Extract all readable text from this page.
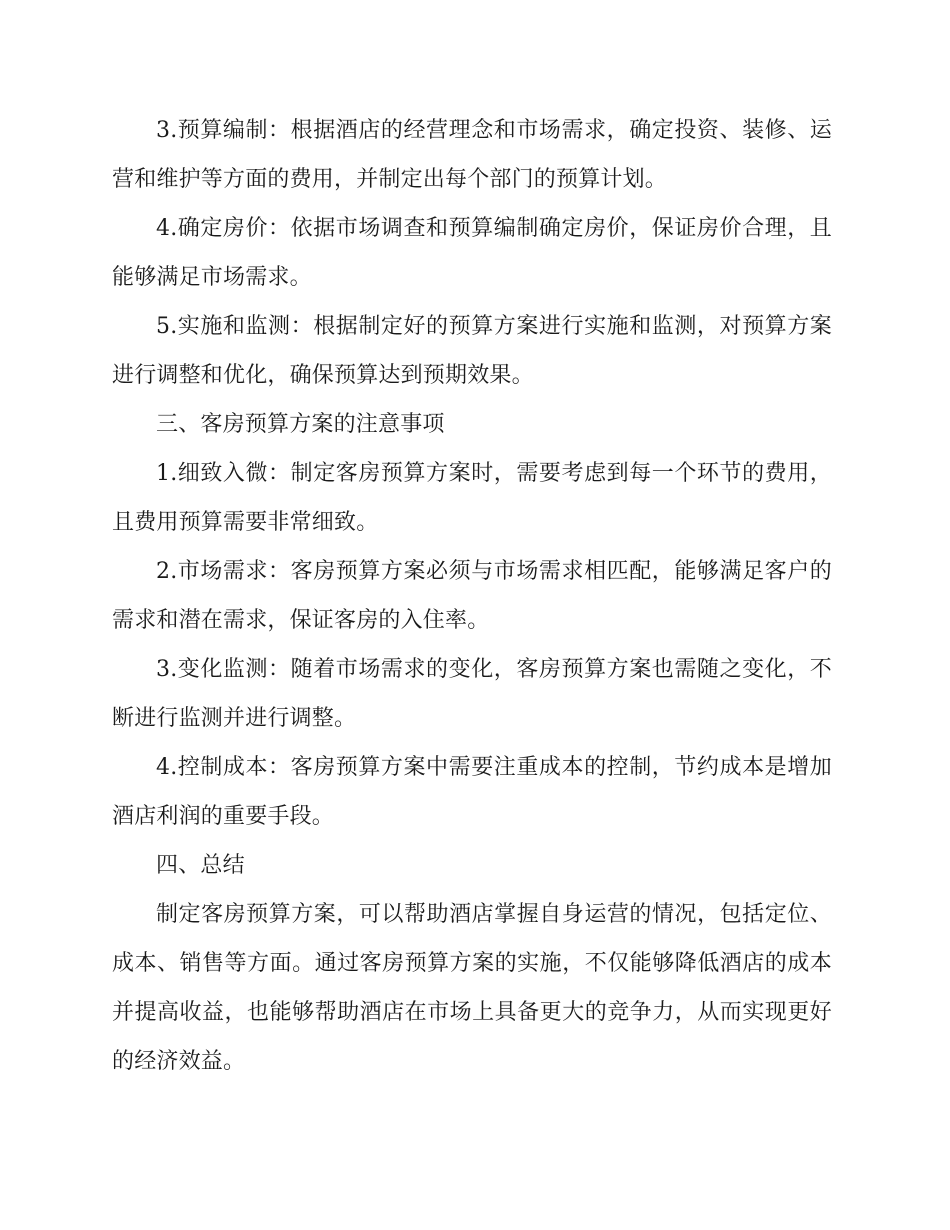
3.预算编制：根据酒店的经营理念和市场需求，确定投资、装修、运营和维护等方面的费用，并制定出每个部门的预算计划。

4.确定房价：依据市场调查和预算编制确定房价，保证房价合理，且能够满足市场需求。

5.实施和监测：根据制定好的预算方案进行实施和监测，对预算方案进行调整和优化，确保预算达到预期效果。

三、客房预算方案的注意事项

1.细致入微：制定客房预算方案时，需要考虑到每一个环节的费用，且费用预算需要非常细致。

2.市场需求：客房预算方案必须与市场需求相匹配，能够满足客户的需求和潜在需求，保证客房的入住率。

3.变化监测：随着市场需求的变化，客房预算方案也需随之变化，不断进行监测并进行调整。

4.控制成本：客房预算方案中需要注重成本的控制，节约成本是增加酒店利润的重要手段。

四、总结

制定客房预算方案，可以帮助酒店掌握自身运营的情况，包括定位、成本、销售等方面。通过客房预算方案的实施，不仅能够降低酒店的成本并提高收益，也能够帮助酒店在市场上具备更大的竞争力，从而实现更好的经济效益。
